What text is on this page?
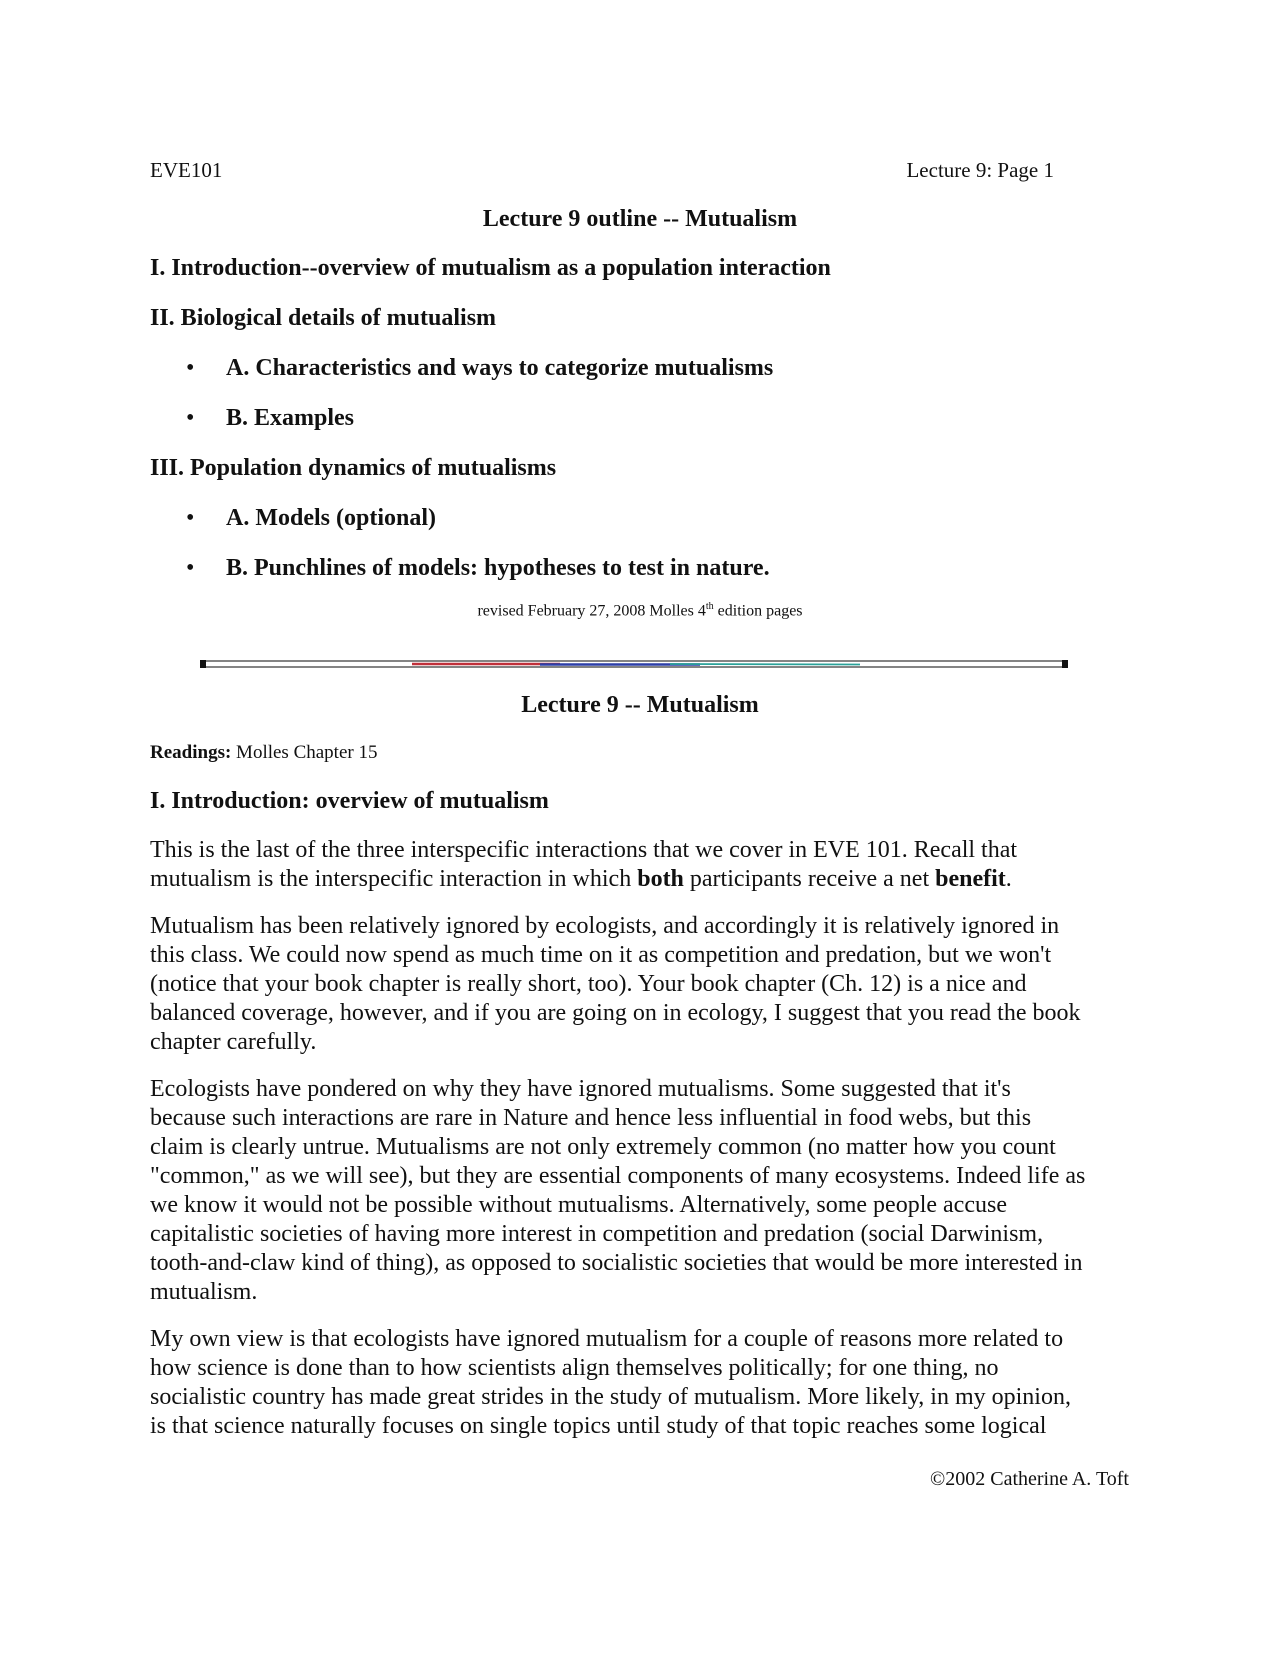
EVE101	Lecture 9: Page 1
Lecture 9 outline -- Mutualism
I. Introduction--overview of mutualism as a population interaction
II. Biological details of mutualism
•	A. Characteristics and ways to categorize mutualisms
•	B. Examples
III. Population dynamics of mutualisms
•	A. Models (optional)
•	B. Punchlines of models: hypotheses to test in nature.
revised February 27, 2008 Molles 4th edition pages
Lecture 9 -- Mutualism
Readings: Molles Chapter 15
I. Introduction: overview of mutualism
This is the last of the three interspecific interactions that we cover in EVE 101. Recall that
mutualism is the interspecific interaction in which both participants receive a net benefit.
Mutualism has been relatively ignored by ecologists, and accordingly it is relatively ignored in
this class. We could now spend as much time on it as competition and predation, but we won't
(notice that your book chapter is really short, too). Your book chapter (Ch. 12) is a nice and
balanced coverage, however, and if you are going on in ecology, I suggest that you read the book
chapter carefully.
Ecologists have pondered on why they have ignored mutualisms. Some suggested that it's
because such interactions are rare in Nature and hence less influential in food webs, but this
claim is clearly untrue. Mutualisms are not only extremely common (no matter how you count
"common," as we will see), but they are essential components of many ecosystems. Indeed life as
we know it would not be possible without mutualisms. Alternatively, some people accuse
capitalistic societies of having more interest in competition and predation (social Darwinism,
tooth-and-claw kind of thing), as opposed to socialistic societies that would be more interested in
mutualism.
My own view is that ecologists have ignored mutualism for a couple of reasons more related to
how science is done than to how scientists align themselves politically; for one thing, no
socialistic country has made great strides in the study of mutualism. More likely, in my opinion,
is that science naturally focuses on single topics until study of that topic reaches some logical
©2002 Catherine A. Toft
